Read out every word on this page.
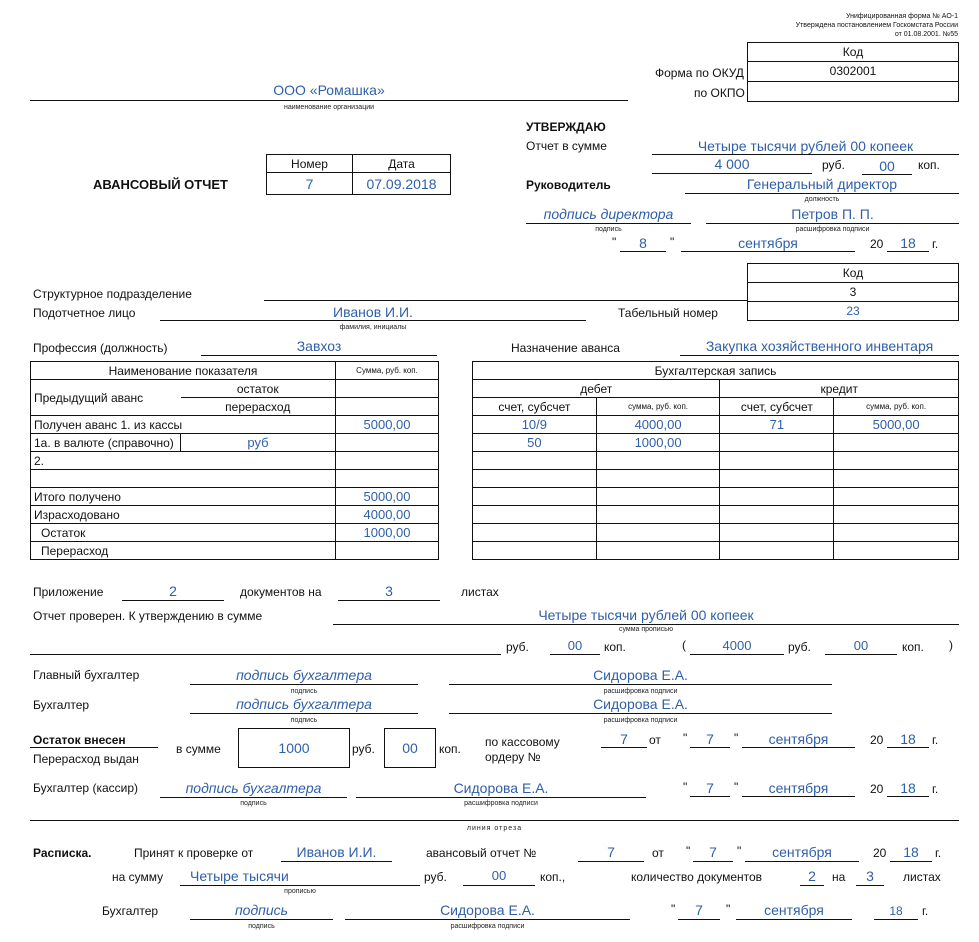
Унифицированная форма № АО-1
Утверждена постановлением Госкомстата России
от 01.08.2001. №55
Код
0302001
Форма по ОКУД
по ОКПО
ООО «Ромашка»
наименование организации
АВАНСОВЫЙ ОТЧЕТ
Номер	Дата
7	07.09.2018
УТВЕРЖДАЮ
Отчет в сумме	Четыре тысячи рублей 00 копеек
4 000	руб.	00	коп.
Руководитель	Генеральный директор
должность
подпись директора
подпись
Петров П. П.
расшифровка подписи
"	8	"	сентября	20	18	г.
Код
3
23
Структурное подразделение
Подотчетное лицо	Иванов И.И.
фамилия, инициалы
Табельный номер
Профессия (должность)	Завхоз	Назначение аванса	Закупка хозяйственного инвентаря
Наименование показателя		Сумма, руб. коп.
Предыдущий аванс	остаток	
	перерасход	
Получен аванс 1. из кассы		5000,00
1а. в валюте (справочно)	руб	
2.		

Итого получено		5000,00
Израсходовано		4000,00
Остаток		1000,00
Перерасход		
Бухгалтерская запись			
дебет		кредит	
счет, субсчет	сумма, руб. коп.	счет, субсчет	сумма, руб. коп.
10/9	4000,00	71	5000,00
50	1000,00		

Приложение	2	документов на	3	листах
Отчет проверен. К утверждению в сумме	Четыре тысячи рублей 00 копеек
сумма прописью
руб.	00	коп.	(	4000	руб.	00	коп. )
Главный бухгалтер	подпись бухгалтера
подпись
Сидорова Е.А.
расшифровка подписи
Бухгалтер	подпись бухгалтера
подпись
Сидорова Е.А.
расшифровка подписи
Остаток внесен
Перерасход выдан
в сумме	1000	руб.	00	коп. по кассовому
ордеру №
7	от "	7	"	сентября	20	18	г.
Бухгалтер (кассир)	подпись бухгалтера
подпись
Сидорова Е.А.
расшифровка подписи
"	7	"	сентября	20	18	г.
линия отреза
Расписка.	Принят к проверке от	Иванов И.И.	авансовый отчет №	7	от "	7	"	сентября	20	18	г.
на сумму Четыре тысячи
прописью
руб.	00	коп.,	количество документов	2	на	3	листах
Бухгалтер	подпись
подпись
Сидорова Е.А.
расшифровка подписи
"	7	"	сентября	18	г.
